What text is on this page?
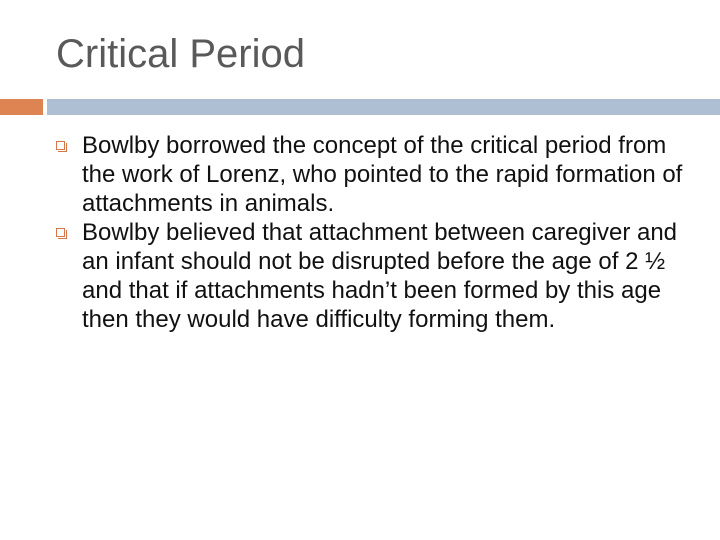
Critical Period
Bowlby borrowed the concept of the critical period from the work of Lorenz, who pointed to the rapid formation of attachments in animals.
Bowlby believed that attachment between caregiver and an infant should not be disrupted before the age of 2 ½ and that if attachments hadn’t been formed by this age then they would have difficulty forming them.
